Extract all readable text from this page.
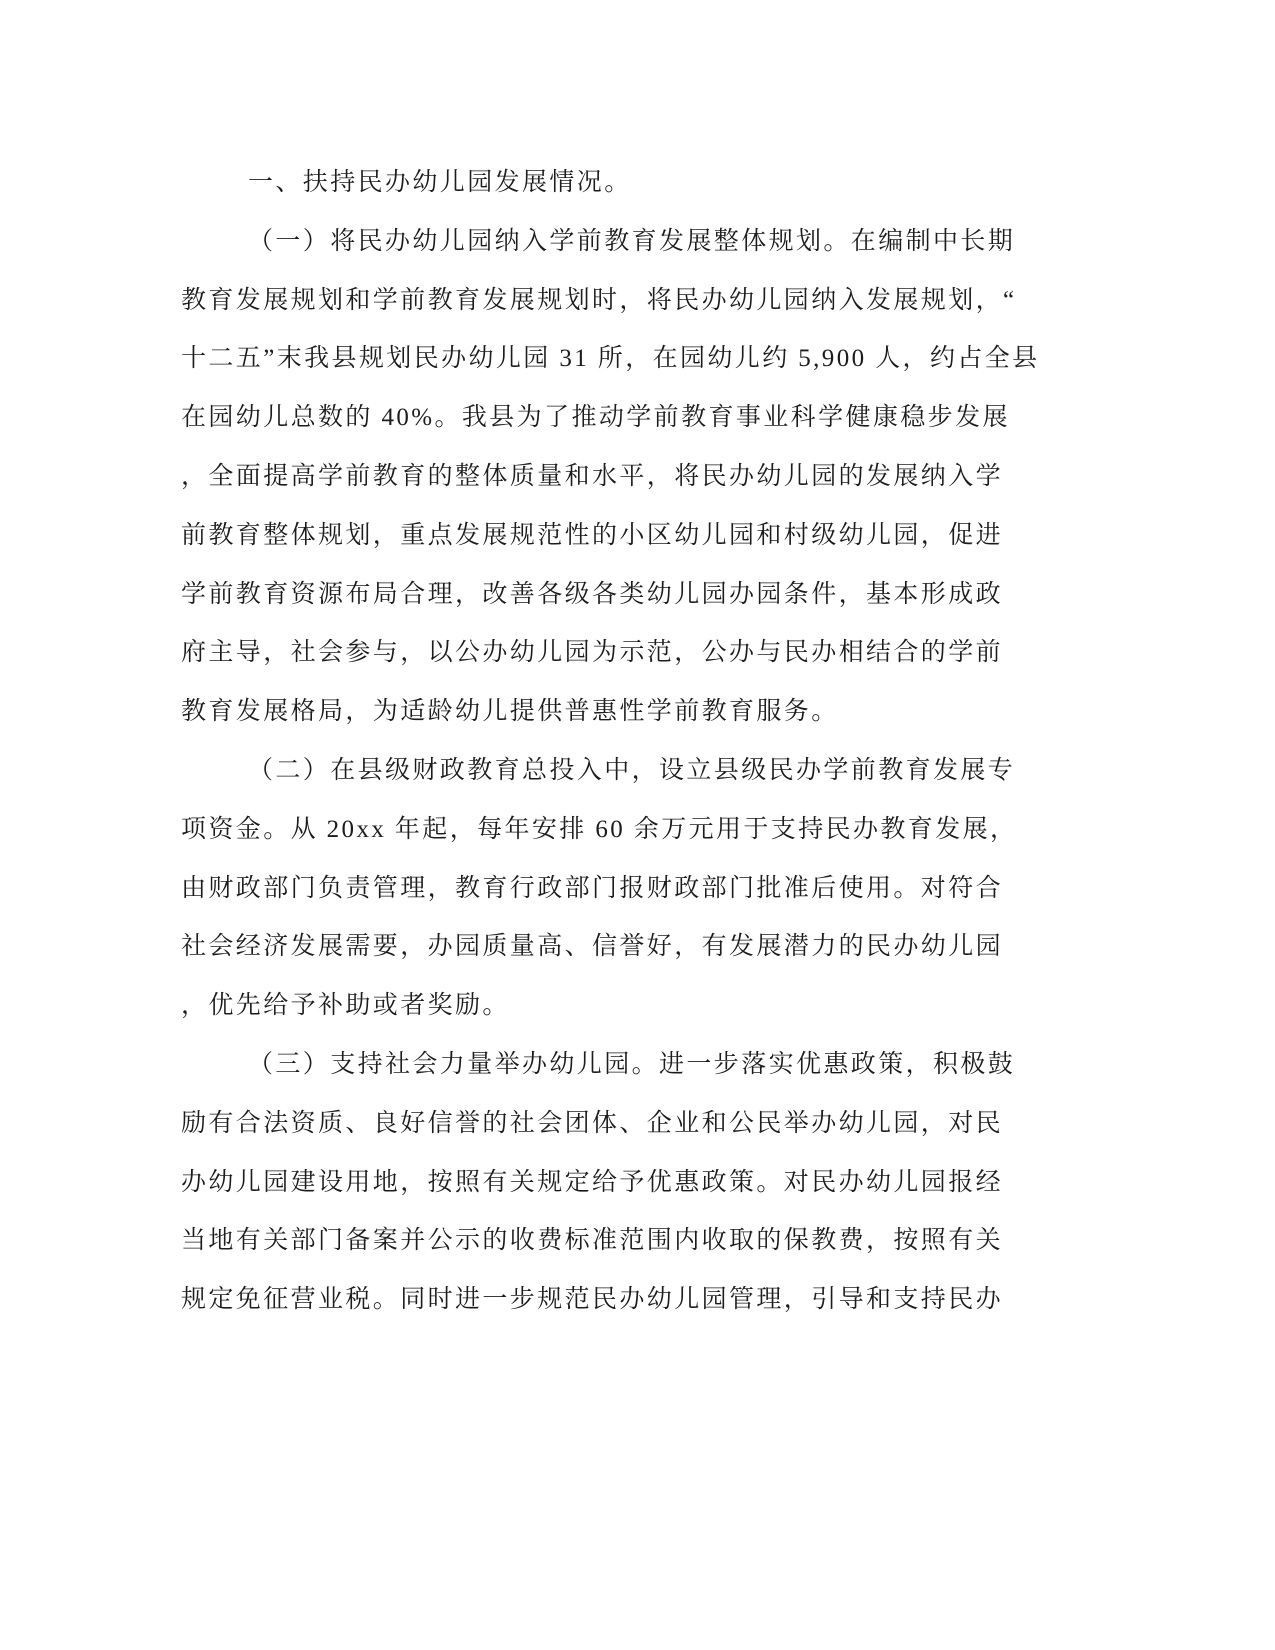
一、扶持民办幼儿园发展情况。
（一）将民办幼儿园纳入学前教育发展整体规划。在编制中长期
教育发展规划和学前教育发展规划时，将民办幼儿园纳入发展规划，“
十二五”末我县规划民办幼儿园 31 所，在园幼儿约 5,900 人，约占全县
在园幼儿总数的 40%。我县为了推动学前教育事业科学健康稳步发展
，全面提高学前教育的整体质量和水平，将民办幼儿园的发展纳入学
前教育整体规划，重点发展规范性的小区幼儿园和村级幼儿园，促进
学前教育资源布局合理，改善各级各类幼儿园办园条件，基本形成政
府主导，社会参与，以公办幼儿园为示范，公办与民办相结合的学前
教育发展格局，为适龄幼儿提供普惠性学前教育服务。
（二）在县级财政教育总投入中，设立县级民办学前教育发展专
项资金。从 20xx 年起，每年安排 60 余万元用于支持民办教育发展，
由财政部门负责管理，教育行政部门报财政部门批准后使用。对符合
社会经济发展需要，办园质量高、信誉好，有发展潜力的民办幼儿园
，优先给予补助或者奖励。
（三）支持社会力量举办幼儿园。进一步落实优惠政策，积极鼓
励有合法资质、良好信誉的社会团体、企业和公民举办幼儿园，对民
办幼儿园建设用地，按照有关规定给予优惠政策。对民办幼儿园报经
当地有关部门备案并公示的收费标准范围内收取的保教费，按照有关
规定免征营业税。同时进一步规范民办幼儿园管理，引导和支持民办
